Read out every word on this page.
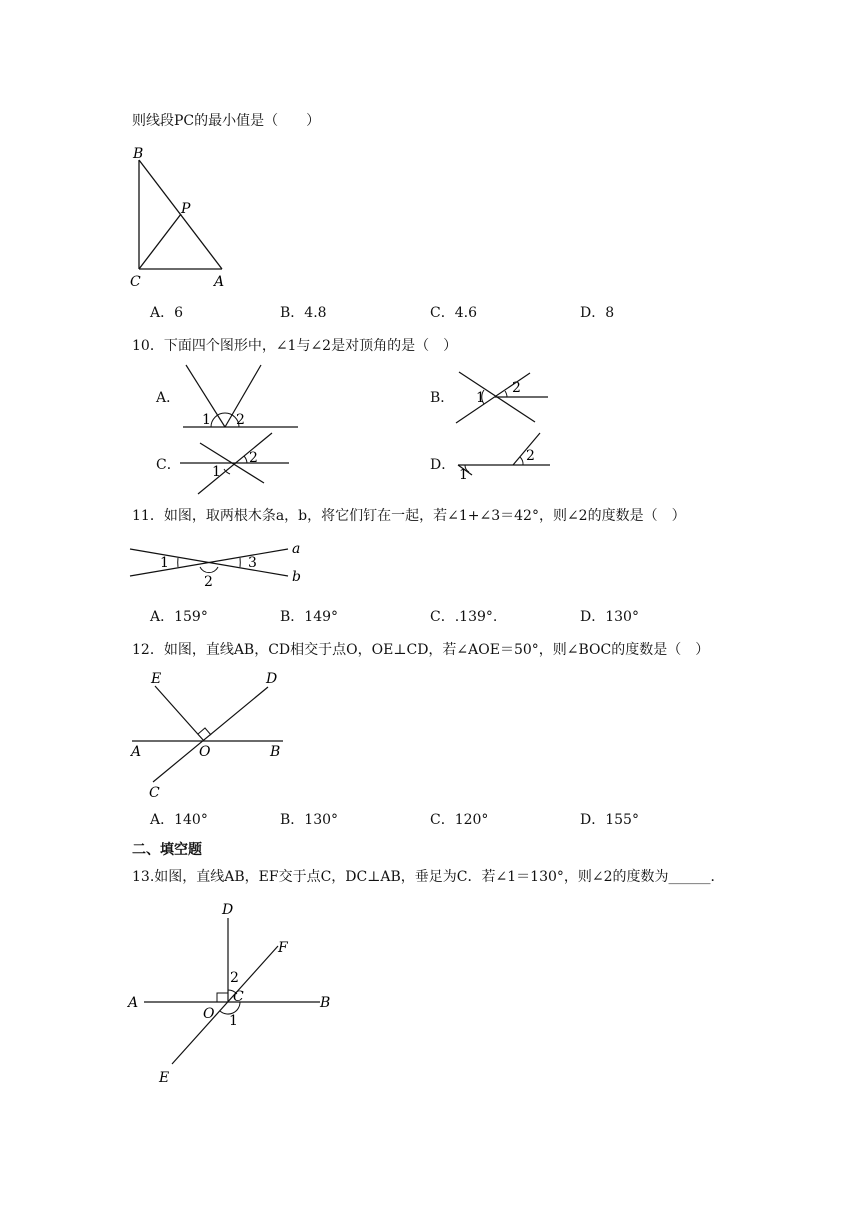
则线段PC的最小值是（　　）
B
P
C	A
A．6	B．4.8	C．4.6	D．8
10．下面四个图形中，∠1与∠2是对顶角的是（　）
A．	B．
C．	D．
1 2
1
2
1
2
1
2
11．如图，取两根木条a，b，将它们钉在一起，若∠1+∠3＝42°，则∠2的度数是（　）
1
2
3
a
b
A．159°	B．149°	C．.139°.	D．130°
12．如图，直线AB，CD相交于点O，OE⊥CD，若∠AOE＝50°，则∠BOC的度数是（　）
E	D
A	O	B
C
A．140°	B．130°	C．120°	D．155°
二、填空题
13.如图，直线AB，EF交于点C，DC⊥AB，垂足为C．若∠1＝130°，则∠2的度数为______．
D
F
A	C	B
O
E
2
1
